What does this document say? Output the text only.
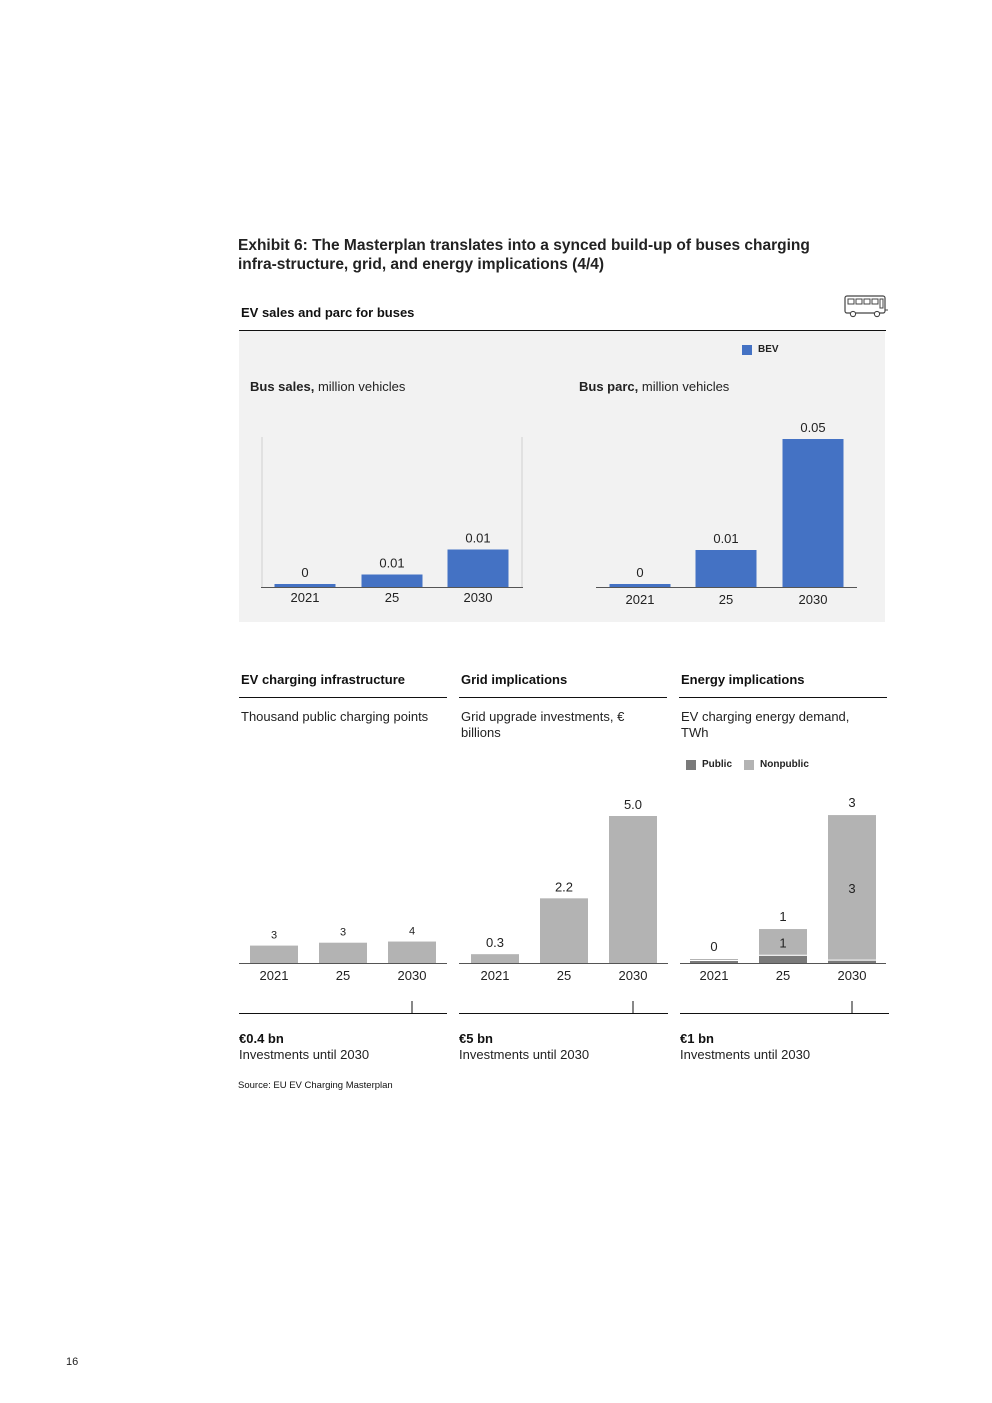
Exhibit 6: The Masterplan translates into a synced build-up of buses charging infra-structure, grid, and energy implications (4/4)
EV sales and parc for buses
BEV
Bus sales, million vehicles	Bus parc, million vehicles
0
2021
0.01
25
0.01
2030
0
2021
0.01
25
0.05
2030
3
2021
3
25
4
2030
0.3
2021
2.2
25
5.0
2030
0
2021
1
1
25
3
3
2030
EV charging infrastructure	Grid implications	Energy implications
Thousand public charging points	Grid upgrade investments, € billions
EV charging energy demand, TWh
Public	Nonpublic
€0.4 bn
Investments until 2030
€5 bn
Investments until 2030
€1 bn
Investments until 2030
Source: EU EV Charging Masterplan
16
